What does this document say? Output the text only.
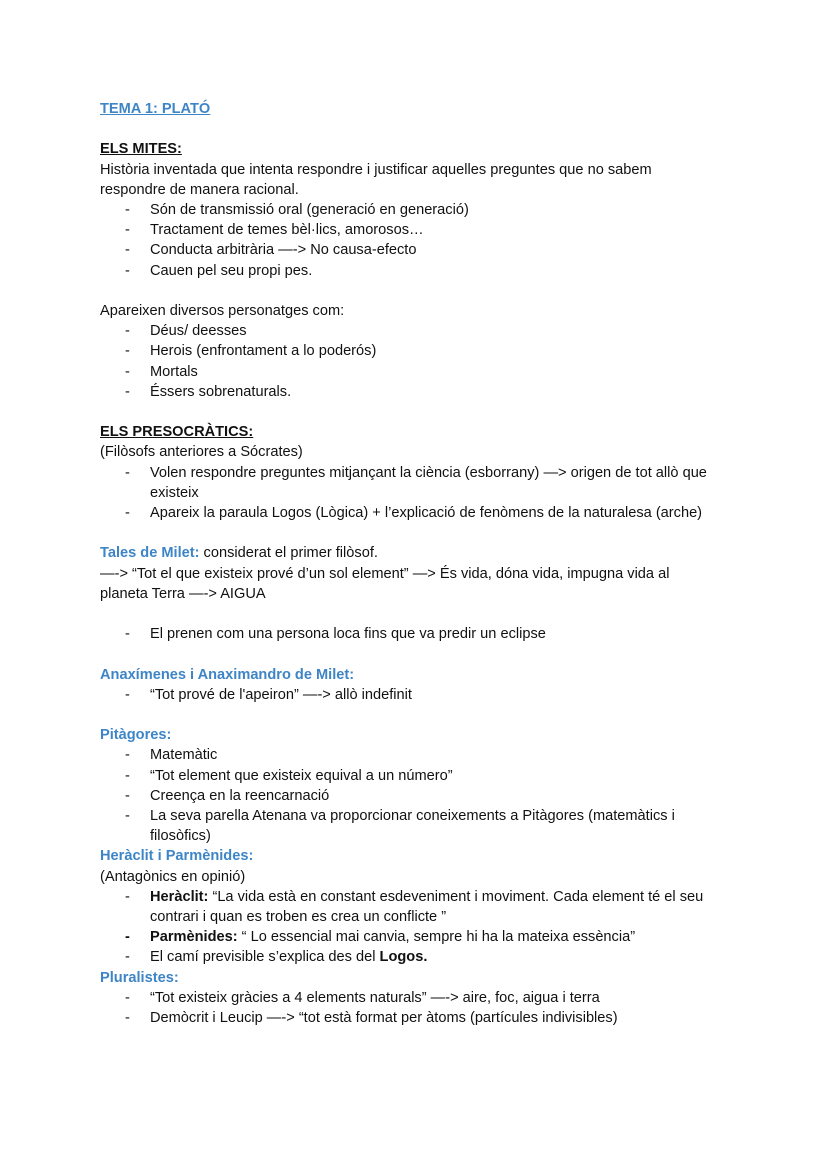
TEMA 1: PLATÓ

ELS MITES:

Història inventada que intenta respondre i justificar aquelles preguntes que no sabem respondre de manera racional.

- Són de transmissió oral (generació en generació)
- Tractament de temes bèl·lics, amorosos…
- Conducta arbitrària —-> No causa-efecto
- Cauen pel seu propi pes.

Apareixen diversos personatges com:

- Déus/ deesses
- Herois (enfrontament a lo poderós)
- Mortals
- Éssers sobrenaturals.

ELS PRESOCRÀTICS:

(Filòsofs anteriores a Sócrates)

- Volen respondre preguntes mitjançant la ciència (esborrany) —> origen de tot allò que existeix
- Apareix la paraula Logos (Lògica) + l’explicació de fenòmens de la naturalesa (arche)

Tales de Milet: considerat el primer filòsof.

—-> “Tot el que existeix prové d’un sol element” —> És vida, dóna vida, impugna vida al planeta Terra —-> AIGUA

- El prenen com una persona loca fins que va predir un eclipse

Anaxímenes i Anaximandro de Milet:

- “Tot prové de l'apeiron” —-> allò indefinit

Pitàgores:

- Matemàtic
- “Tot element que existeix equival a un número”
- Creença en la reencarnació
- La seva parella Atenana va proporcionar coneixements a Pitàgores (matemàtics i filosòfics)

Heràclit i Parmènides:

(Antagònics en opinió)

- Heràclit: “La vida està en constant esdeveniment i moviment. Cada element té el seu contrari i quan es troben es crea un conflicte ”
- Parmènides: “ Lo essencial mai canvia, sempre hi ha la mateixa essència”
- El camí previsible s’explica des del Logos.

Pluralistes:

- “Tot existeix gràcies a 4 elements naturals” —-> aire, foc, aigua i terra
- Demòcrit i Leucip —-> “tot està format per àtoms (partícules indivisibles)
